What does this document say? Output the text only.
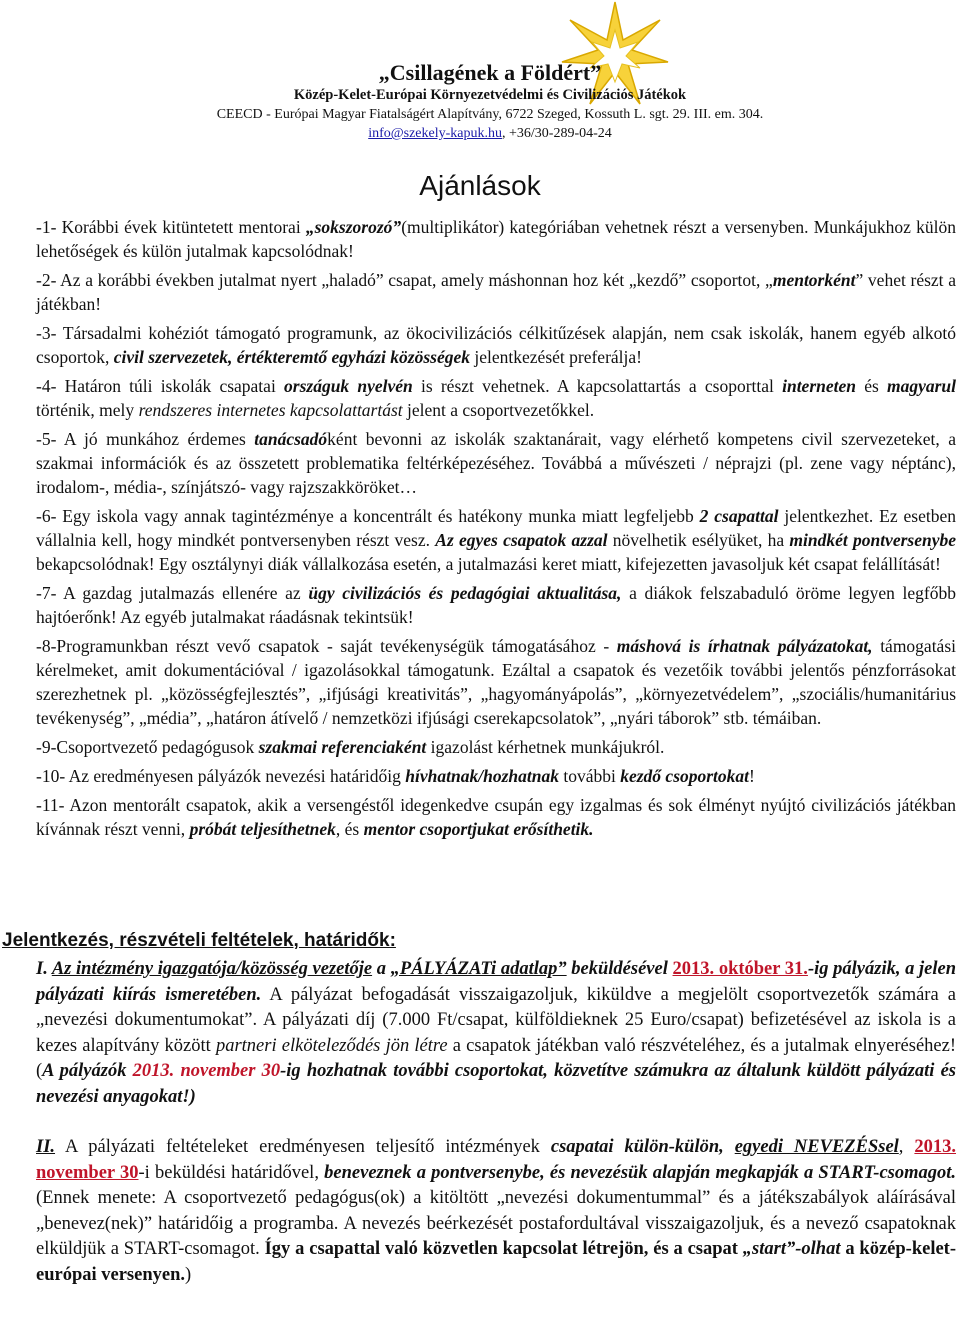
„Csillagének a Földért”
Közép-Kelet-Európai Környezetvédelmi és Civilizációs Játékok
CEECD - Európai Magyar Fiatalságért Alapítvány, 6722 Szeged, Kossuth L. sgt. 29. III. em. 304.
info@szekely-kapuk.hu, +36/30-289-04-24
Ajánlások

-1- Korábbi évek kitüntetett mentorai „sokszorozó”(multiplikátor) kategóriában vehetnek részt a versenyben. Munkájukhoz külön lehetőségek és külön jutalmak kapcsolódnak!

-2- Az a korábbi években jutalmat nyert „haladó” csapat, amely máshonnan hoz két „kezdő” csoportot, „mentorként” vehet részt a játékban!

-3- Társadalmi kohéziót támogató programunk, az ökocivilizációs célkitűzések alapján, nem csak iskolák, hanem egyéb alkotó csoportok, civil szervezetek, értékteremtő egyházi közösségek jelentkezését preferálja!

-4- Határon túli iskolák csapatai országuk nyelvén is részt vehetnek. A kapcsolattartás a csoporttal interneten és magyarul történik, mely rendszeres internetes kapcsolattartást jelent a csoportvezetőkkel.

-5- A jó munkához érdemes tanácsadóként bevonni az iskolák szaktanárait, vagy elérhető kompetens civil szervezeteket, a szakmai információk és az összetett problematika feltérképezéséhez. Továbbá a művészeti / néprajzi (pl. zene vagy néptánc), irodalom-, média-, színjátszó- vagy rajzszakköröket…

-6- Egy iskola vagy annak tagintézménye a koncentrált és hatékony munka miatt legfeljebb 2 csapattal jelentkezhet. Ez esetben vállalnia kell, hogy mindkét pontversenyben részt vesz. Az egyes csapatok azzal növelhetik esélyüket, ha mindkét pontversenybe bekapcsolódnak! Egy osztálynyi diák vállalkozása esetén, a jutalmazási keret miatt, kifejezetten javasoljuk két csapat felállítását!

-7- A gazdag jutalmazás ellenére az ügy civilizációs és pedagógiai aktualitása, a diákok felszabaduló öröme legyen legfőbb hajtóerőnk! Az egyéb jutalmakat ráadásnak tekintsük!

-8-Programunkban részt vevő csapatok - saját tevékenységük támogatásához - máshová is írhatnak pályázatokat, támogatási kérelmeket, amit dokumentációval / igazolásokkal támogatunk. Ezáltal a csapatok és vezetőik további jelentős pénzforrásokat szerezhetnek pl. „közösségfejlesztés”, „ifjúsági kreativitás”, „hagyományápolás”, „környezetvédelem”, „szociális/humanitárius tevékenység”, „média”, „határon átívelő / nemzetközi ifjúsági cserekapcsolatok”, „nyári táborok” stb. témáiban.

-9-Csoportvezető pedagógusok szakmai referenciaként igazolást kérhetnek munkájukról.

-10- Az eredményesen pályázók nevezési határidőig hívhatnak/hozhatnak további kezdő csoportokat!

-11- Azon mentorált csapatok, akik a versengéstől idegenkedve csupán egy izgalmas és sok élményt nyújtó civilizációs játékban kívánnak részt venni, próbát teljesíthetnek, és mentor csoportjukat erősíthetik.

Jelentkezés, részvételi feltételek, határidők:

I. Az intézmény igazgatója/közösség vezetője a „PÁLYÁZATi adatlap” beküldésével 2013. október 31.-ig pályázik, a jelen pályázati kiírás ismeretében. A pályázat befogadását visszaigazoljuk, kiküldve a megjelölt csoportvezetők számára a „nevezési dokumentumokat”. A pályázati díj (7.000 Ft/csapat, külföldieknek 25 Euro/csapat) befizetésével az iskola is a kezes alapítvány között partneri elköteleződés jön létre a csapatok játékban való részvételéhez, és a jutalmak elnyeréséhez! (A pályázók 2013. november 30-ig hozhatnak további csoportokat, közvetítve számukra az általunk küldött pályázati és nevezési anyagokat!)

II. A pályázati feltételeket eredményesen teljesítő intézmények csapatai külön-külön, egyedi NEVEZÉSsel, 2013. november 30-i beküldési határidővel, beneveznek a pontversenybe, és nevezésük alapján megkapják a START-csomagot. (Ennek menete: A csoportvezető pedagógus(ok) a kitöltött „nevezési dokumentummal” és a játékszabályok aláírásával „benevez(nek)” határidőig a programba. A nevezés beérkezését postafordultával visszaigazoljuk, és a nevező csapatoknak elküldjük a START-csomagot. Így a csapattal való közvetlen kapcsolat létrejön, és a csapat „start”-olhat a közép-kelet-európai versenyen.)
